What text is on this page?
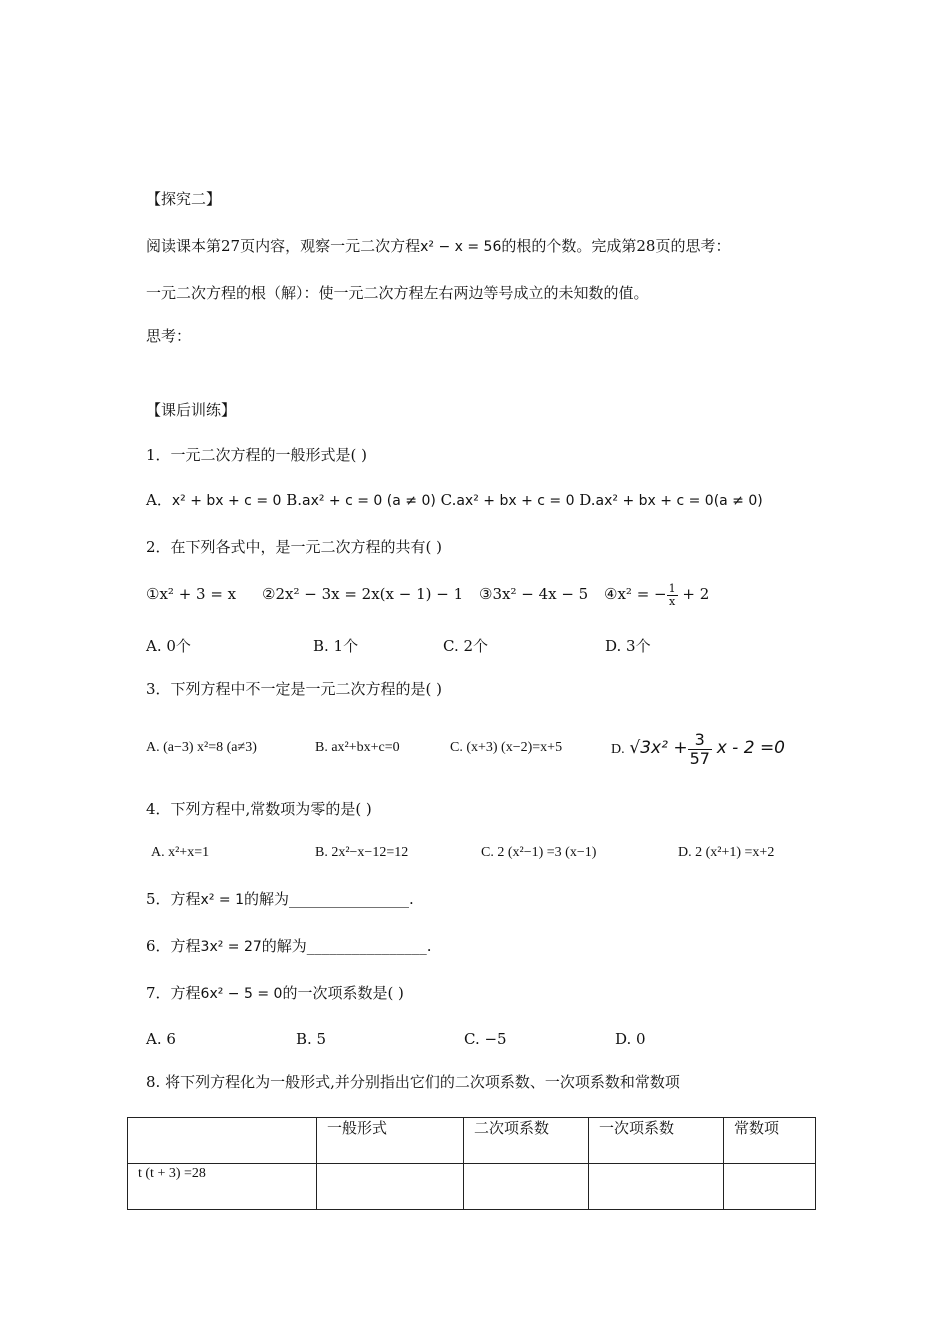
【探究二】
阅读课本第27页内容，观察一元二次方程x² − x = 56的根的个数。完成第28页的思考：
一元二次方程的根（解）：使一元二次方程左右两边等号成立的未知数的值。
思考：
【课后训练】
1．一元二次方程的一般形式是( )
A．x² + bx + c = 0 B.ax² + c = 0 (a ≠ 0) C.ax² + bx + c = 0 D.ax² + bx + c = 0(a ≠ 0)
2．在下列各式中，是一元二次方程的共有( )
①x² + 3 = x ②2x² − 3x = 2x(x − 1) − 1 ③3x² − 4x − 5 ④x² = − $\frac{1}{x} + 2$
A. 0个	B. 1个	C. 2个	D. 3个
3．下列方程中不一定是一元二次方程的是( )
A. (a−3) x²=8 (a≠3)	B. ax²+bx+c=0	C. (x+3) (x−2)=x+5	D. $√3x^2 + \frac{3}{57}$ x - 2 =0
4．下列方程中,常数项为零的是( )
A. x²+x=1	B. 2x²−x−12=12	C. 2 (x²−1) =3 (x−1)	D. 2 (x²+1) =x+2
5．方程x² = 1的解为________________.
6．方程3x² = 27的解为________________.
7．方程6x² − 5 = 0的一次项系数是( )
A. 6	B. 5	C. −5	D. 0
8. 将下列方程化为一般形式,并分别指出它们的二次项系数、一次项系数和常数项

	一般形式	二次项系数	一次项系数	常数项

t (t + 3) =28				
